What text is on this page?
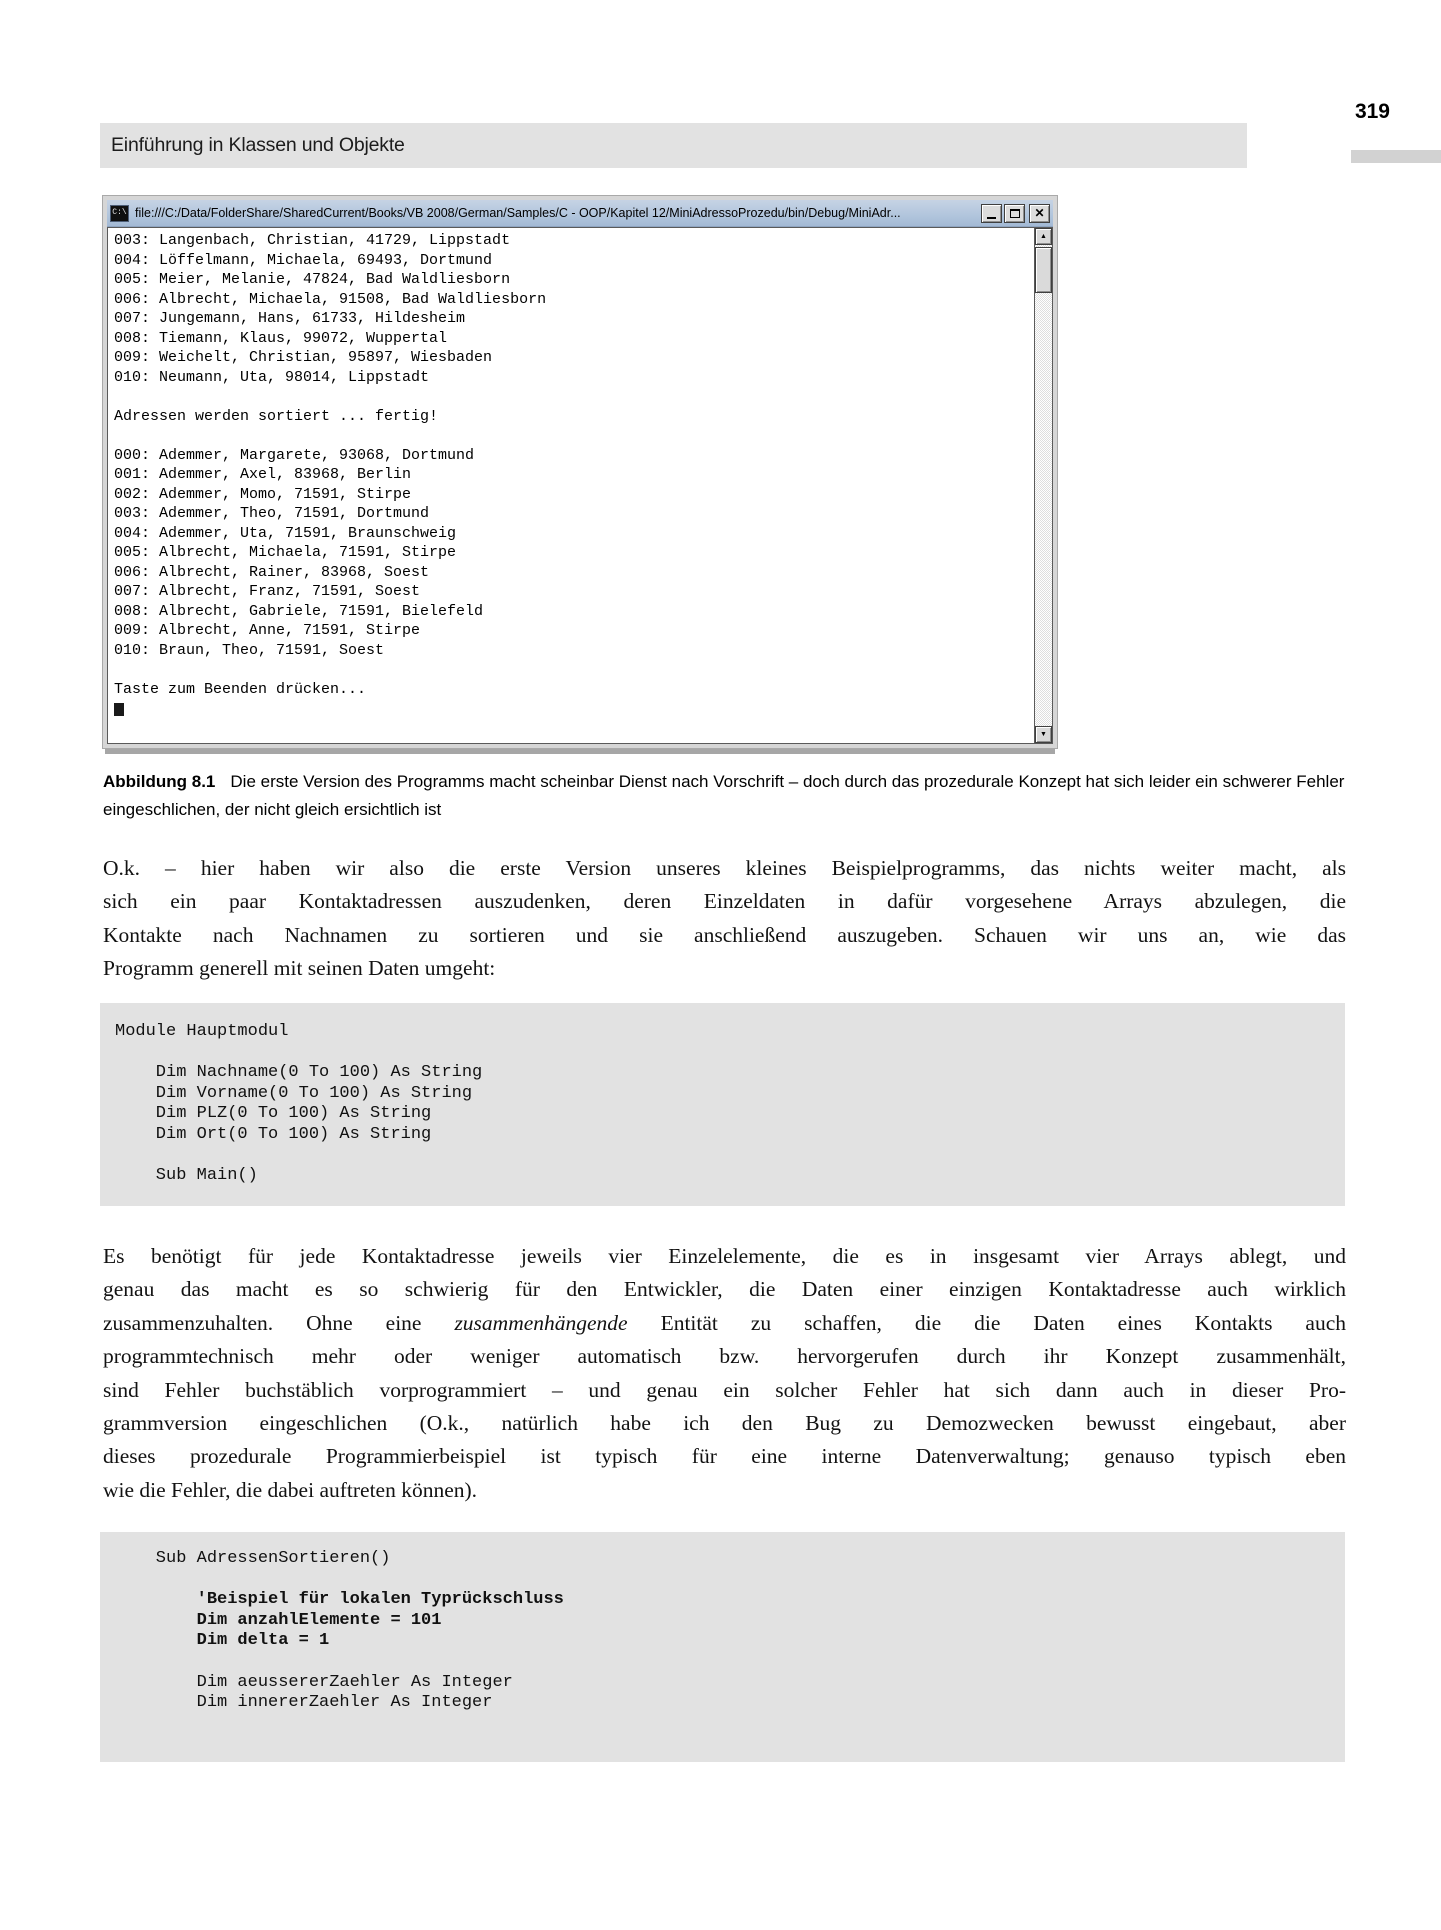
Einführung in Klassen und Objekte
319
C:\ file:///C:/Data/FolderShare/SharedCurrent/Books/VB 2008/German/Samples/C - OOP/Kapitel 12/MiniAdressoProzedu/bin/Debug/MiniAdr...	✕
003: Langenbach, Christian, 41729, Lippstadt
004: Löffelmann, Michaela, 69493, Dortmund
005: Meier, Melanie, 47824, Bad Waldliesborn
006: Albrecht, Michaela, 91508, Bad Waldliesborn
007: Jungemann, Hans, 61733, Hildesheim
008: Tiemann, Klaus, 99072, Wuppertal
009: Weichelt, Christian, 95897, Wiesbaden
010: Neumann, Uta, 98014, Lippstadt
Adressen werden sortiert ... fertig!
000: Ademmer, Margarete, 93068, Dortmund
001: Ademmer, Axel, 83968, Berlin
002: Ademmer, Momo, 71591, Stirpe
003: Ademmer, Theo, 71591, Dortmund
004: Ademmer, Uta, 71591, Braunschweig
005: Albrecht, Michaela, 71591, Stirpe
006: Albrecht, Rainer, 83968, Soest
007: Albrecht, Franz, 71591, Soest
008: Albrecht, Gabriele, 71591, Bielefeld
009: Albrecht, Anne, 71591, Stirpe
010: Braun, Theo, 71591, Soest
Taste zum Beenden drücken...
▲
▼
Abbildung 8.1 Die erste Version des Programms macht scheinbar Dienst nach Vorschrift – doch durch das prozedurale Konzept hat sich leider ein schwerer Fehler eingeschlichen, der nicht gleich ersichtlich ist
O.k. – hier haben wir also die erste Version unseres kleines Beispielprogramms, das nichts weiter macht, als
sich ein paar Kontaktadressen auszudenken, deren Einzeldaten in dafür vorgesehene Arrays abzulegen, die
Kontakte nach Nachnamen zu sortieren und sie anschließend auszugeben. Schauen wir uns an, wie das
Programm generell mit seinen Daten umgeht:
Module Hauptmodul
Dim Nachname(0 To 100) As String
Dim Vorname(0 To 100) As String
Dim PLZ(0 To 100) As String
Dim Ort(0 To 100) As String
Sub Main()
Es benötigt für jede Kontaktadresse jeweils vier Einzelelemente, die es in insgesamt vier Arrays ablegt, und
genau das macht es so schwierig für den Entwickler, die Daten einer einzigen Kontaktadresse auch wirklich
zusammenzuhalten. Ohne eine zusammenhängende Entität zu schaffen, die die Daten eines Kontakts auch
programmtechnisch mehr oder weniger automatisch bzw. hervorgerufen durch ihr Konzept zusammenhält,
sind Fehler buchstäblich vorprogrammiert – und genau ein solcher Fehler hat sich dann auch in dieser Pro-
grammversion eingeschlichen (O.k., natürlich habe ich den Bug zu Demozwecken bewusst eingebaut, aber
dieses prozedurale Programmierbeispiel ist typisch für eine interne Datenverwaltung; genauso typisch eben
wie die Fehler, die dabei auftreten können).
Sub AdressenSortieren()
'Beispiel für lokalen Typrückschluss
Dim anzahlElemente = 101
Dim delta = 1
Dim aeussererZaehler As Integer
Dim innererZaehler As Integer
